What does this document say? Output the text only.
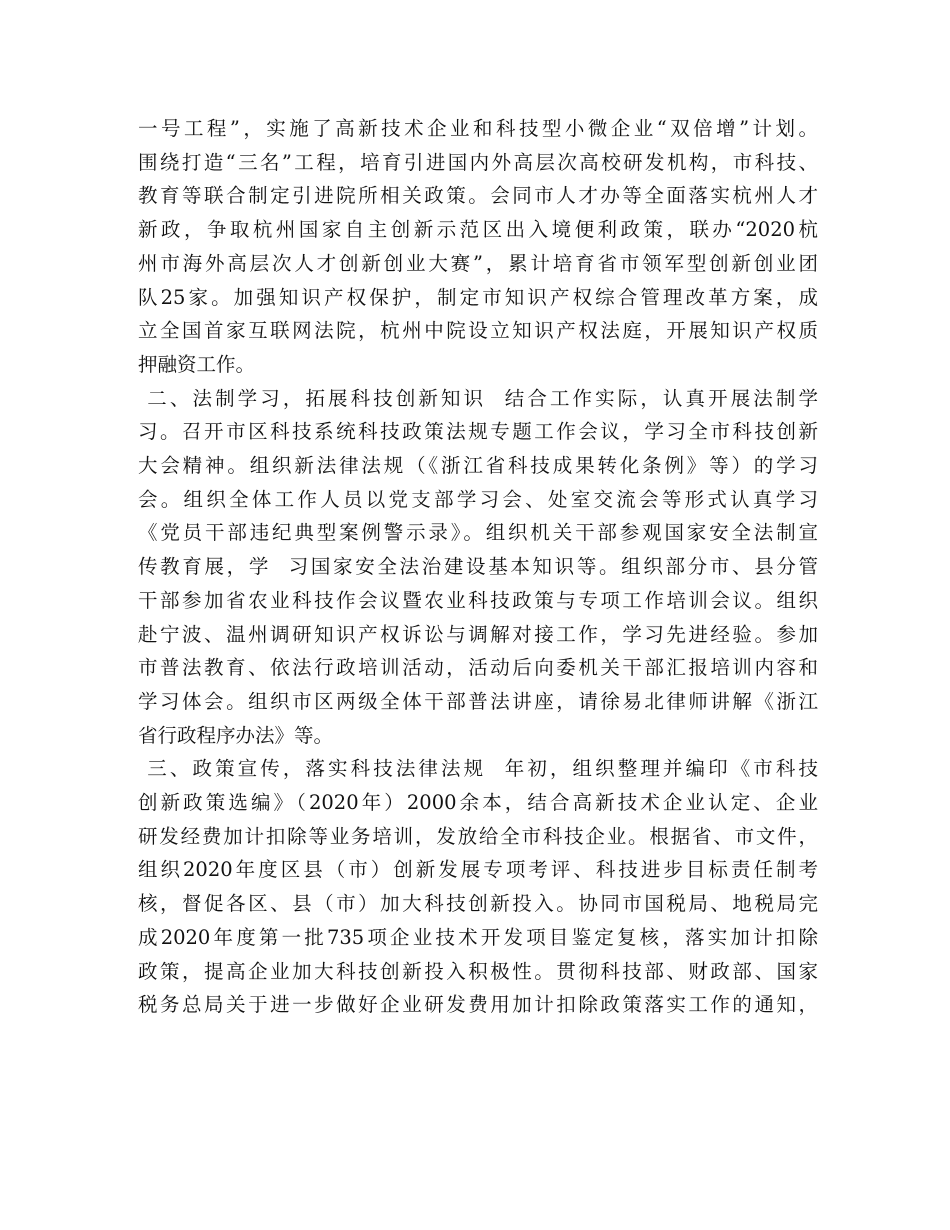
一号工程”，实施了高新技术企业和科技型小微企业“双倍增”计划。
围绕打造“三名”工程，培育引进国内外高层次高校研发机构，市科技、
教育等联合制定引进院所相关政策。会同市人才办等全面落实杭州人才
新政，争取杭州国家自主创新示范区出入境便利政策，联办“2020杭
州市海外高层次人才创新创业大赛”，累计培育省市领军型创新创业团
队25家。加强知识产权保护，制定市知识产权综合管理改革方案，成
立全国首家互联网法院，杭州中院设立知识产权法庭，开展知识产权质
押融资工作。
二、法制学习，拓展科技创新知识  结合工作实际，认真开展法制学
习。召开市区科技系统科技政策法规专题工作会议，学习全市科技创新
大会精神。组织新法律法规（《浙江省科技成果转化条例》等）的学习
会。组织全体工作人员以党支部学习会、处室交流会等形式认真学习
《党员干部违纪典型案例警示录》。组织机关干部参观国家安全法制宣
传教育展，学  习国家安全法治建设基本知识等。组织部分市、县分管
干部参加省农业科技作会议暨农业科技政策与专项工作培训会议。组织
赴宁波、温州调研知识产权诉讼与调解对接工作，学习先进经验。参加
市普法教育、依法行政培训活动，活动后向委机关干部汇报培训内容和
学习体会。组织市区两级全体干部普法讲座，请徐易北律师讲解《浙江
省行政程序办法》等。
三、政策宣传，落实科技法律法规  年初，组织整理并编印《市科技
创新政策选编》（2020年）2000余本，结合高新技术企业认定、企业
研发经费加计扣除等业务培训，发放给全市科技企业。根据省、市文件，
组织2020年度区县（市）创新发展专项考评、科技进步目标责任制考
核，督促各区、县（市）加大科技创新投入。协同市国税局、地税局完
成2020年度第一批735项企业技术开发项目鉴定复核，落实加计扣除
政策，提高企业加大科技创新投入积极性。贯彻科技部、财政部、国家
税务总局关于进一步做好企业研发费用加计扣除政策落实工作的通知，
